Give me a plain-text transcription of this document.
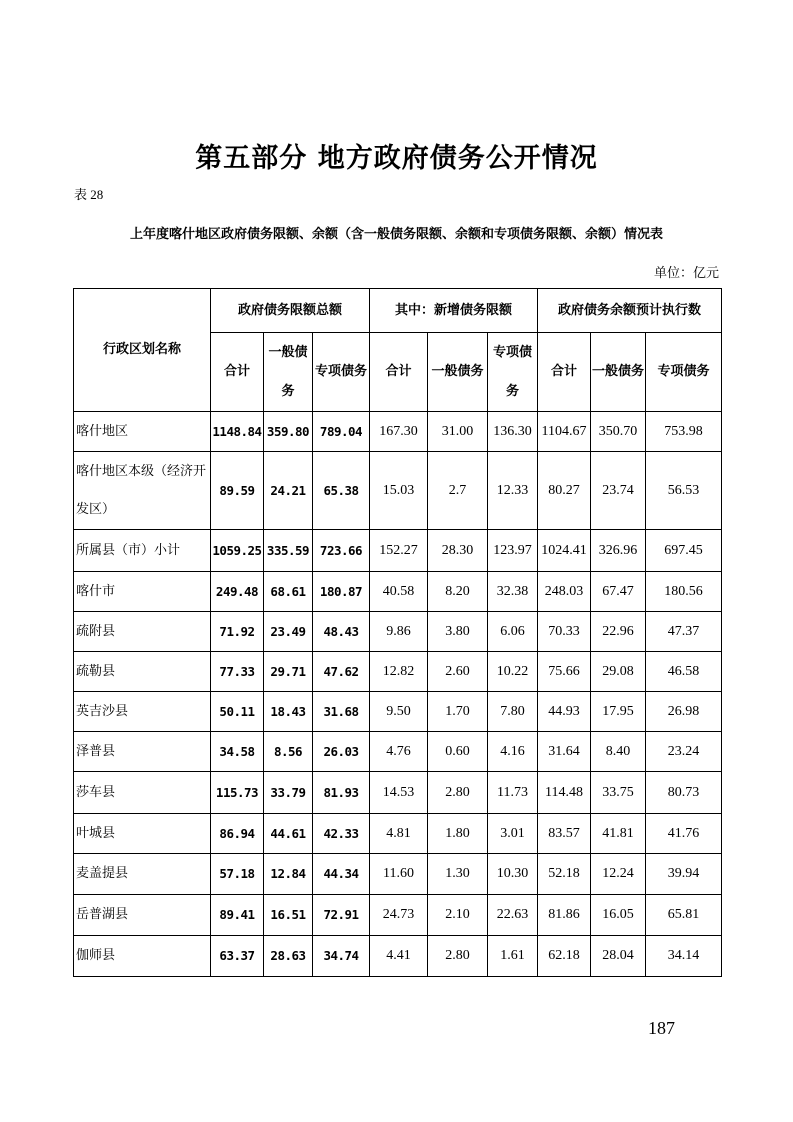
第五部分 地方政府债务公开情况
表 28
上年度喀什地区政府债务限额、余额（含一般债务限额、余额和专项债务限额、余额）情况表
单位：亿元
行政区划名称	政府债务限额总额			其中：新增债务限额			政府债务余额预计执行数		
	合计	一般债务	专项债务	合计	一般债务	专项债务	合计	一般债务	专项债务
喀什地区	1148.84	359.80	789.04	167.30	31.00	136.30	1104.67	350.70	753.98
喀什地区本级（经济开发区）	89.59	24.21	65.38	15.03	2.7	12.33	80.27	23.74	56.53
所属县（市）小计	1059.25	335.59	723.66	152.27	28.30	123.97	1024.41	326.96	697.45
喀什市	249.48	68.61	180.87	40.58	8.20	32.38	248.03	67.47	180.56
疏附县	71.92	23.49	48.43	9.86	3.80	6.06	70.33	22.96	47.37
疏勒县	77.33	29.71	47.62	12.82	2.60	10.22	75.66	29.08	46.58
英吉沙县	50.11	18.43	31.68	9.50	1.70	7.80	44.93	17.95	26.98
泽普县	34.58	8.56	26.03	4.76	0.60	4.16	31.64	8.40	23.24
莎车县	115.73	33.79	81.93	14.53	2.80	11.73	114.48	33.75	80.73
叶城县	86.94	44.61	42.33	4.81	1.80	3.01	83.57	41.81	41.76
麦盖提县	57.18	12.84	44.34	11.60	1.30	10.30	52.18	12.24	39.94
岳普湖县	89.41	16.51	72.91	24.73	2.10	22.63	81.86	16.05	65.81
伽师县	63.37	28.63	34.74	4.41	2.80	1.61	62.18	28.04	34.14
187
